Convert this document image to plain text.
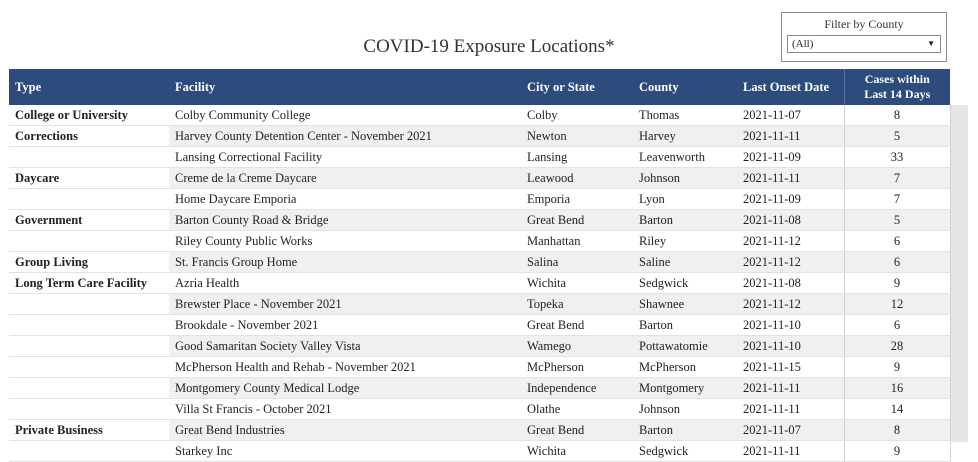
COVID-19 Exposure Locations*
Filter by County
(All)	▼
Type	Facility	City or State	County	Last Onset Date	Cases within
Last 14 Days
College or University	Colby Community College	Colby	Thomas	2021-11-07	8
Corrections	Harvey County Detention Center - November 2021	Newton	Harvey	2021-11-11	5
	Lansing Correctional Facility	Lansing	Leavenworth	2021-11-09	33
Daycare	Creme de la Creme Daycare	Leawood	Johnson	2021-11-11	7
	Home Daycare Emporia	Emporia	Lyon	2021-11-09	7
Government	Barton County Road & Bridge	Great Bend	Barton	2021-11-08	5
	Riley County Public Works	Manhattan	Riley	2021-11-12	6
Group Living	St. Francis Group Home	Salina	Saline	2021-11-12	6
Long Term Care Facility	Azria Health	Wichita	Sedgwick	2021-11-08	9
	Brewster Place - November 2021	Topeka	Shawnee	2021-11-12	12
	Brookdale - November 2021	Great Bend	Barton	2021-11-10	6
	Good Samaritan Society Valley Vista	Wamego	Pottawatomie	2021-11-10	28
	McPherson Health and Rehab - November 2021	McPherson	McPherson	2021-11-15	9
	Montgomery County Medical Lodge	Independence	Montgomery	2021-11-11	16
	Villa St Francis - October 2021	Olathe	Johnson	2021-11-11	14
Private Business	Great Bend Industries	Great Bend	Barton	2021-11-07	8
	Starkey Inc	Wichita	Sedgwick	2021-11-11	9
